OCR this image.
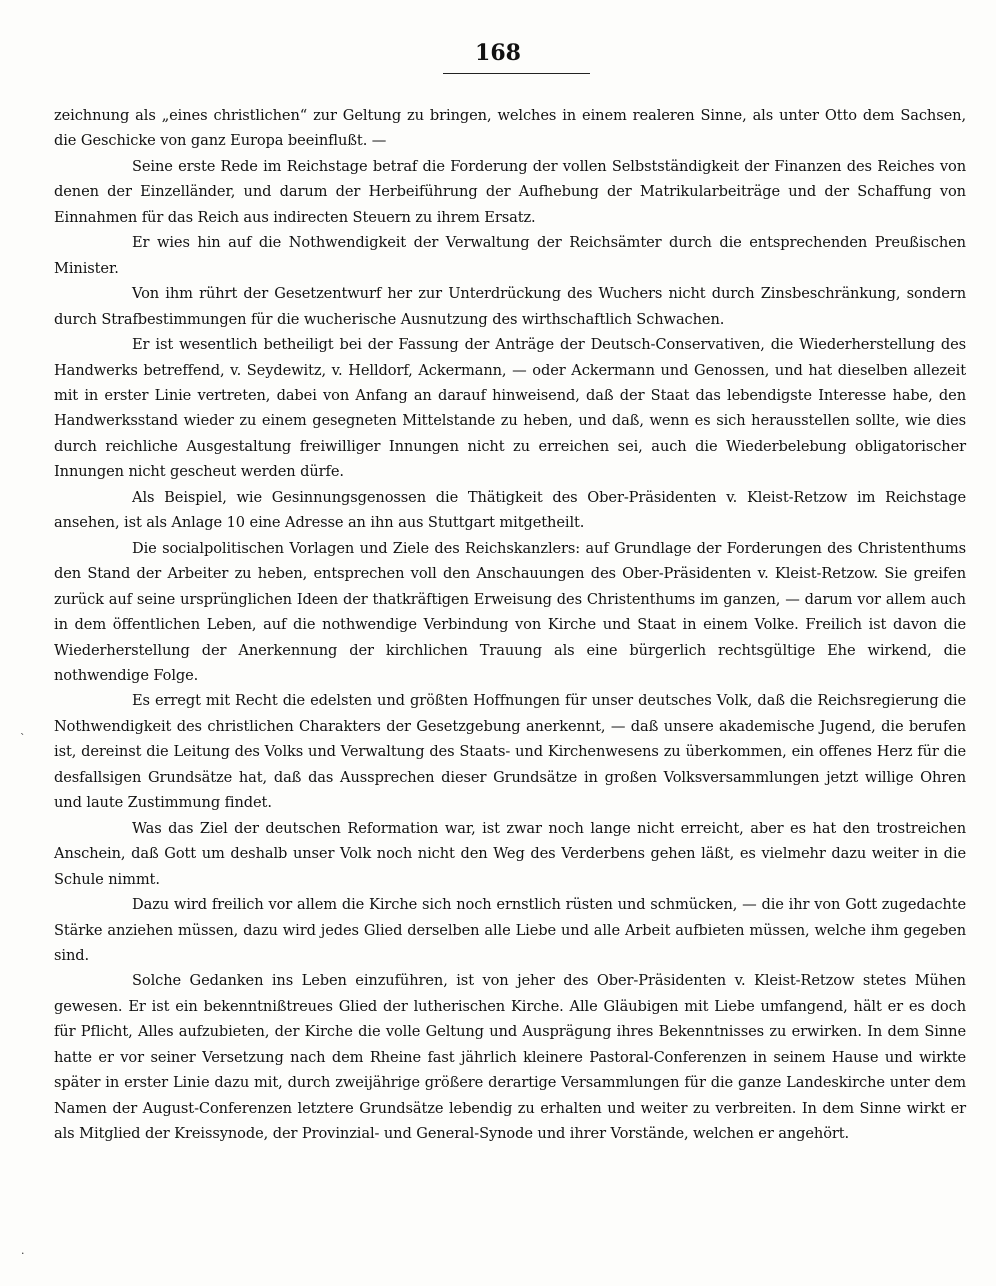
168
`

zeichnung als „eines christlichen“ zur Geltung zu bringen, welches in einem realeren Sinne, als unter Otto dem Sachsen, die Geschicke von ganz Europa beeinflußt. —

Seine erste Rede im Reichstage betraf die Forderung der vollen Selbstständigkeit der Finanzen des Reiches von denen der Einzelländer, und darum der Herbeiführung der Aufhebung der Matrikularbeiträge und der Schaffung von Einnahmen für das Reich aus indirecten Steuern zu ihrem Ersatz.

Er wies hin auf die Nothwendigkeit der Verwaltung der Reichsämter durch die entsprechenden Preußischen Minister.

Von ihm rührt der Gesetzentwurf her zur Unterdrückung des Wuchers nicht durch Zinsbeschränkung, sondern durch Strafbestimmungen für die wucherische Ausnutzung des wirthschaftlich Schwachen.

Er ist wesentlich betheiligt bei der Fassung der Anträge der Deutsch-Conservativen, die Wiederherstellung des Handwerks betreffend, v. Seydewitz, v. Helldorf, Ackermann, — oder Ackermann und Genossen, und hat dieselben allezeit mit in erster Linie vertreten, dabei von Anfang an darauf hinweisend, daß der Staat das lebendigste Interesse habe, den Handwerksstand wieder zu einem gesegneten Mittelstande zu heben, und daß, wenn es sich herausstellen sollte, wie dies durch reichliche Ausgestaltung freiwilliger Innungen nicht zu erreichen sei, auch die Wiederbelebung obligatorischer Innungen nicht gescheut werden dürfe.

Als Beispiel, wie Gesinnungsgenossen die Thätigkeit des Ober-Präsidenten v. Kleist-Retzow im Reichstage ansehen, ist als Anlage 10 eine Adresse an ihn aus Stuttgart mitgetheilt.

Die socialpolitischen Vorlagen und Ziele des Reichskanzlers: auf Grundlage der Forderungen des Christenthums den Stand der Arbeiter zu heben, entsprechen voll den Anschauungen des Ober-Präsidenten v. Kleist-Retzow. Sie greifen zurück auf seine ursprünglichen Ideen der thatkräftigen Erweisung des Christenthums im ganzen, — darum vor allem auch in dem öffentlichen Leben, auf die nothwendige Verbindung von Kirche und Staat in einem Volke. Freilich ist davon die Wiederherstellung der Anerkennung der kirchlichen Trauung als eine bürgerlich rechtsgültige Ehe wirkend, die nothwendige Folge.

Es erregt mit Recht die edelsten und größten Hoffnungen für unser deutsches Volk, daß die Reichsregierung die Nothwendigkeit des christlichen Charakters der Gesetzgebung anerkennt, — daß unsere akademische Jugend, die berufen ist, dereinst die Leitung des Volks und Verwaltung des Staats- und Kirchenwesens zu überkommen, ein offenes Herz für die desfallsigen Grundsätze hat, daß das Aussprechen dieser Grundsätze in großen Volksversammlungen jetzt willige Ohren und laute Zustimmung findet.

Was das Ziel der deutschen Reformation war, ist zwar noch lange nicht erreicht, aber es hat den trostreichen Anschein, daß Gott um deshalb unser Volk noch nicht den Weg des Verderbens gehen läßt, es vielmehr dazu weiter in die Schule nimmt.

Dazu wird freilich vor allem die Kirche sich noch ernstlich rüsten und schmücken, — die ihr von Gott zugedachte Stärke anziehen müssen, dazu wird jedes Glied derselben alle Liebe und alle Arbeit aufbieten müssen, welche ihm gegeben sind.

Solche Gedanken ins Leben einzuführen, ist von jeher des Ober-Präsidenten v. Kleist-Retzow stetes Mühen gewesen. Er ist ein bekenntnißtreues Glied der lutherischen Kirche. Alle Gläubigen mit Liebe umfangend, hält er es doch für Pflicht, Alles aufzubieten, der Kirche die volle Geltung und Ausprägung ihres Bekenntnisses zu erwirken. In dem Sinne hatte er vor seiner Versetzung nach dem Rheine fast jährlich kleinere Pastoral-Conferenzen in seinem Hause und wirkte später in erster Linie dazu mit, durch zweijährige größere derartige Versammlungen für die ganze Landeskirche unter dem Namen der August-Conferenzen letztere Grundsätze lebendig zu erhalten und weiter zu verbreiten. In dem Sinne wirkt er als Mitglied der Kreissynode, der Provinzial- und General-Synode und ihrer Vorstände, welchen er angehört.

·
